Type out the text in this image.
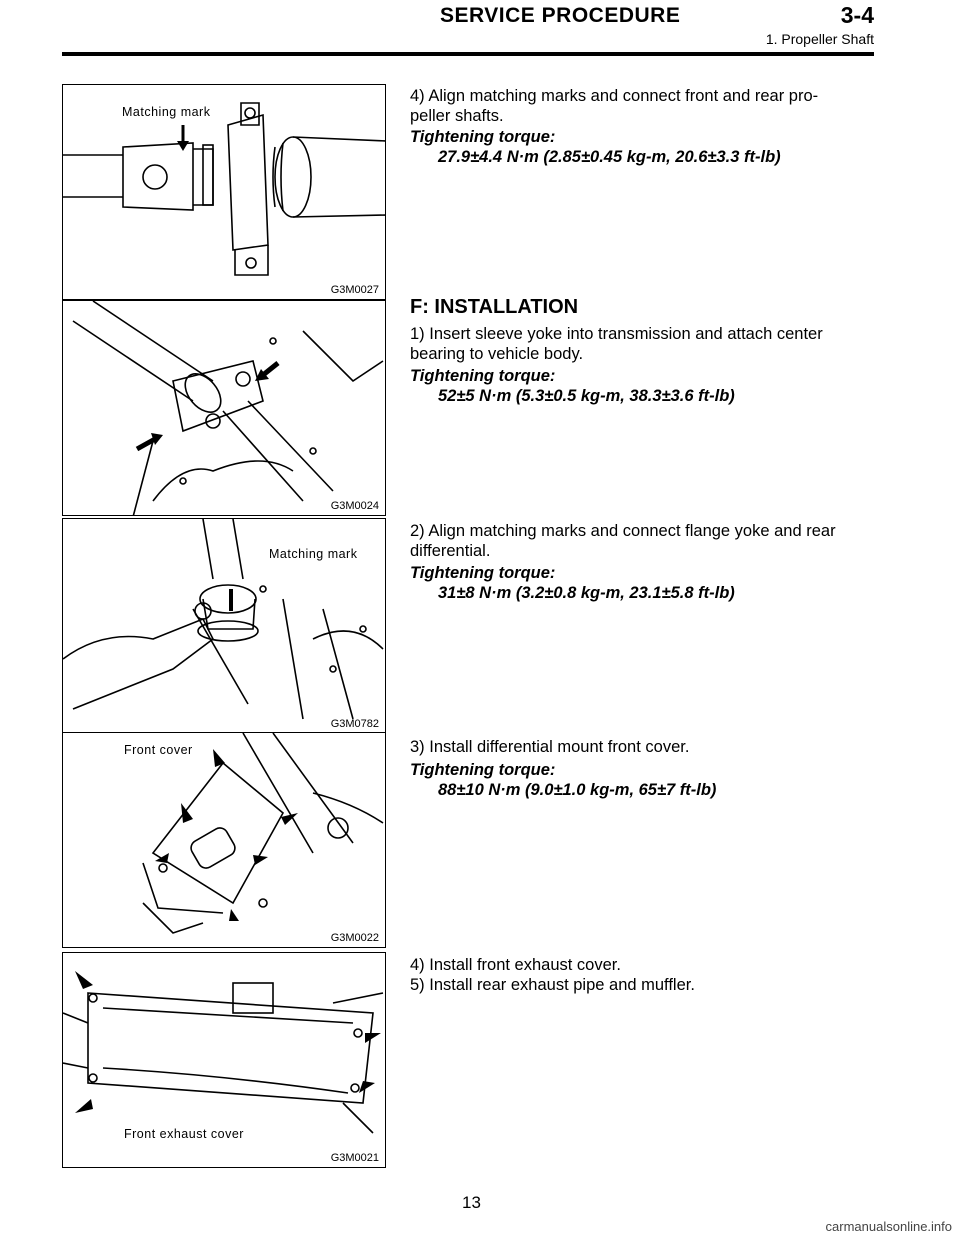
SERVICE PROCEDURE	3-4
1. Propeller Shaft
Matching mark
G3M0027
G3M0024
Matching mark
G3M0782
Front cover
G3M0022
Front exhaust cover
G3M0021
4) Align matching marks and connect front and rear pro-
peller shafts.
Tightening torque:
27.9±4.4 N·m (2.85±0.45 kg-m, 20.6±3.3 ft-lb)
F: INSTALLATION
1) Insert sleeve yoke into transmission and attach center
bearing to vehicle body.
Tightening torque:
52±5 N·m (5.3±0.5 kg-m, 38.3±3.6 ft-lb)
2) Align matching marks and connect flange yoke and rear
differential.
Tightening torque:
31±8 N·m (3.2±0.8 kg-m, 23.1±5.8 ft-lb)
3) Install differential mount front cover.
Tightening torque:
88±10 N·m (9.0±1.0 kg-m, 65±7 ft-lb)
4) Install front exhaust cover.
5) Install rear exhaust pipe and muffler.
13
carmanualsonline.info
